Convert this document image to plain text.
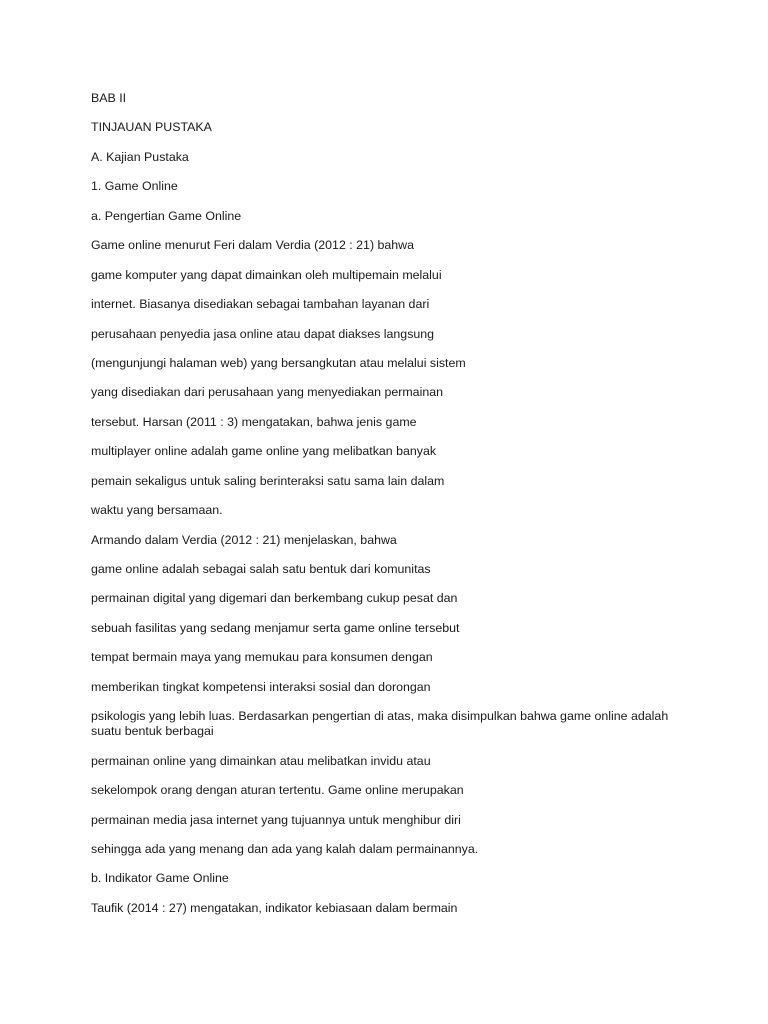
BAB II
TINJAUAN PUSTAKA
A. Kajian Pustaka
1. Game Online
a. Pengertian Game Online
Game online menurut Feri dalam Verdia (2012 : 21) bahwa
game komputer yang dapat dimainkan oleh multipemain melalui
internet. Biasanya disediakan sebagai tambahan layanan dari
perusahaan penyedia jasa online atau dapat diakses langsung
(mengunjungi halaman web) yang bersangkutan atau melalui sistem
yang disediakan dari perusahaan yang menyediakan permainan
tersebut. Harsan (2011 : 3) mengatakan, bahwa jenis game
multiplayer online adalah game online yang melibatkan banyak
pemain sekaligus untuk saling berinteraksi satu sama lain dalam
waktu yang bersamaan.
Armando dalam Verdia (2012 : 21) menjelaskan, bahwa
game online adalah sebagai salah satu bentuk dari komunitas
permainan digital yang digemari dan berkembang cukup pesat dan
sebuah fasilitas yang sedang menjamur serta game online tersebut
tempat bermain maya yang memukau para konsumen dengan
memberikan tingkat kompetensi interaksi sosial dan dorongan
psikologis yang lebih luas. Berdasarkan pengertian di atas, maka disimpulkan bahwa game online adalah suatu bentuk berbagai
permainan online yang dimainkan atau melibatkan invidu atau
sekelompok orang dengan aturan tertentu. Game online merupakan
permainan media jasa internet yang tujuannya untuk menghibur diri
sehingga ada yang menang dan ada yang kalah dalam permainannya.
b. Indikator Game Online
Taufik (2014 : 27) mengatakan, indikator kebiasaan dalam bermain
